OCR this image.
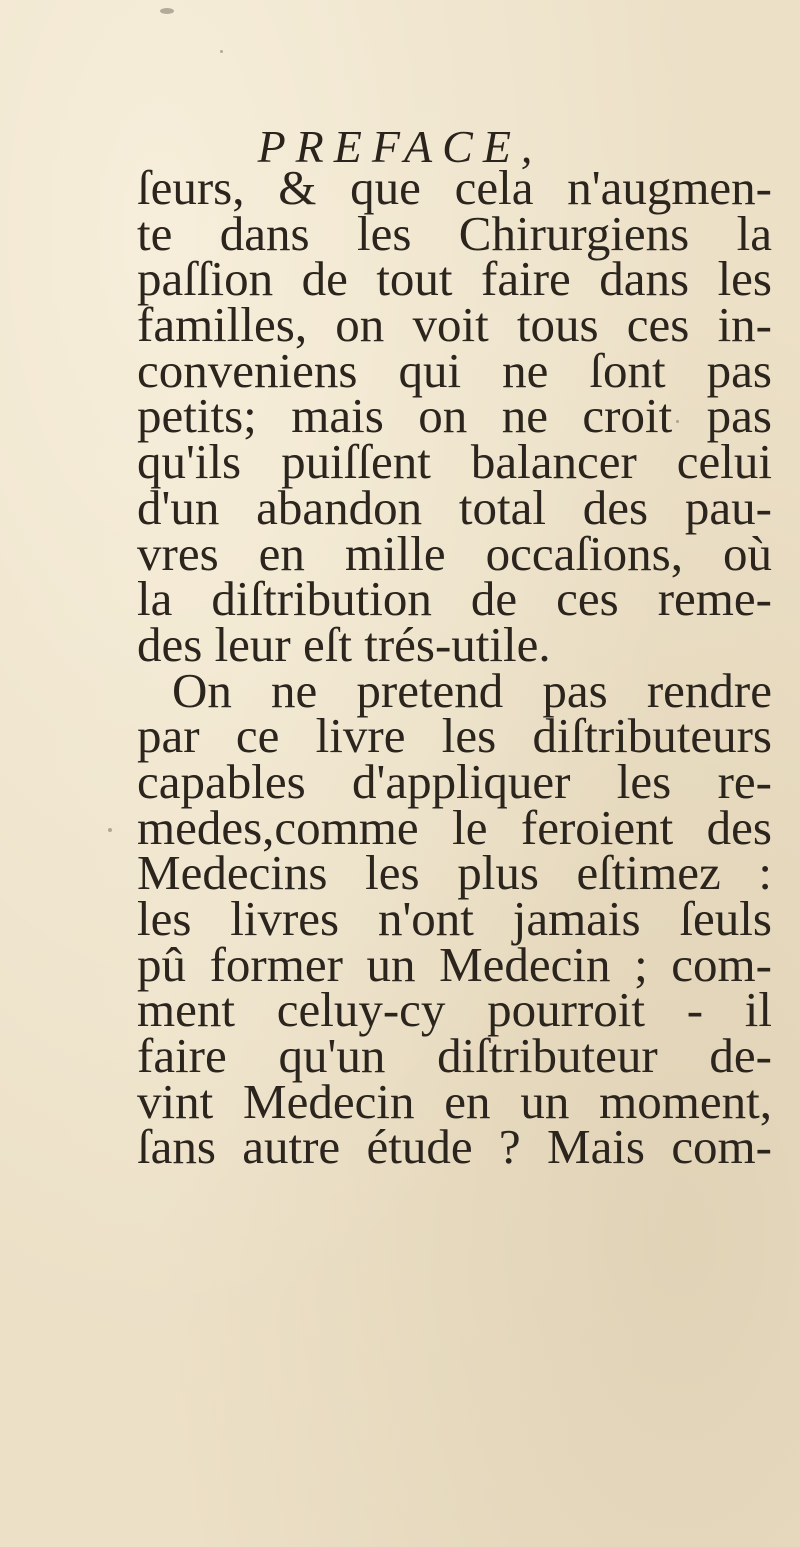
PREFACE,
ſeurs, & que cela n'augmen-
te dans les Chirurgiens la
paſſion de tout faire dans les
familles, on voit tous ces in-
conveniens qui ne ſont pas
petits; mais on ne croit pas
qu'ils puiſſent balancer celui
d'un abandon total des pau-
vres en mille occaſions, où
la diſtribution de ces reme-
des leur eſt trés-utile.
On ne pretend pas rendre
par ce livre les diſtributeurs
capables d'appliquer les re-
medes,comme le feroient des
Medecins les plus eſtimez :
les livres n'ont jamais ſeuls
pû former un Medecin ; com-
ment celuy-cy pourroit - il
faire qu'un diſtributeur de-
vint Medecin en un moment,
ſans autre étude ? Mais com-
